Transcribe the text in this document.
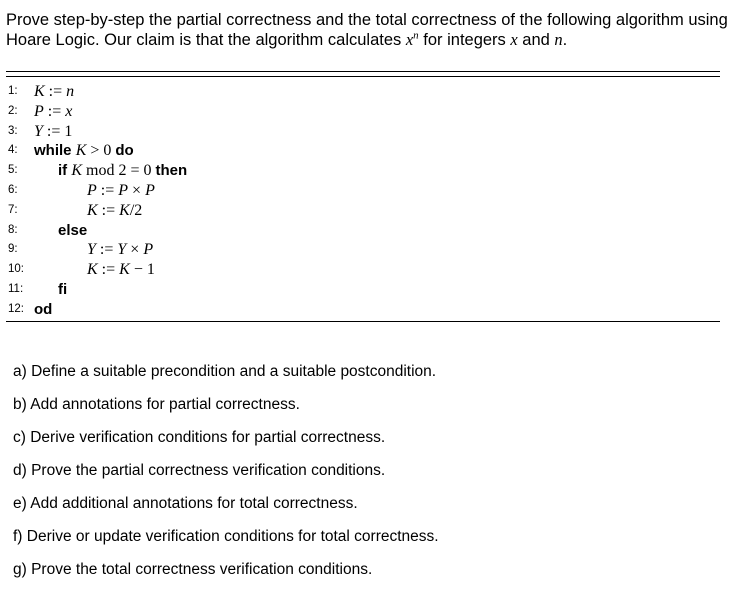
Prove step-by-step the partial correctness and the total correctness of the following algorithm using Hoare Logic. Our claim is that the algorithm calculates $x^n$ for integers x and n.

1: K := n
2: P := x
3: Y := 1
4: while K > 0 do
5:	if K mod 2 = 0 then
6:	P := P × P
7:	K := K/2
8:	else
9:	Y := Y × P
10:	K := K − 1
11: fi
12: od
a) Define a suitable precondition and a suitable postcondition.
b) Add annotations for partial correctness.
c) Derive verification conditions for partial correctness.
d) Prove the partial correctness verification conditions.
e) Add additional annotations for total correctness.
f) Derive or update verification conditions for total correctness.
g) Prove the total correctness verification conditions.
